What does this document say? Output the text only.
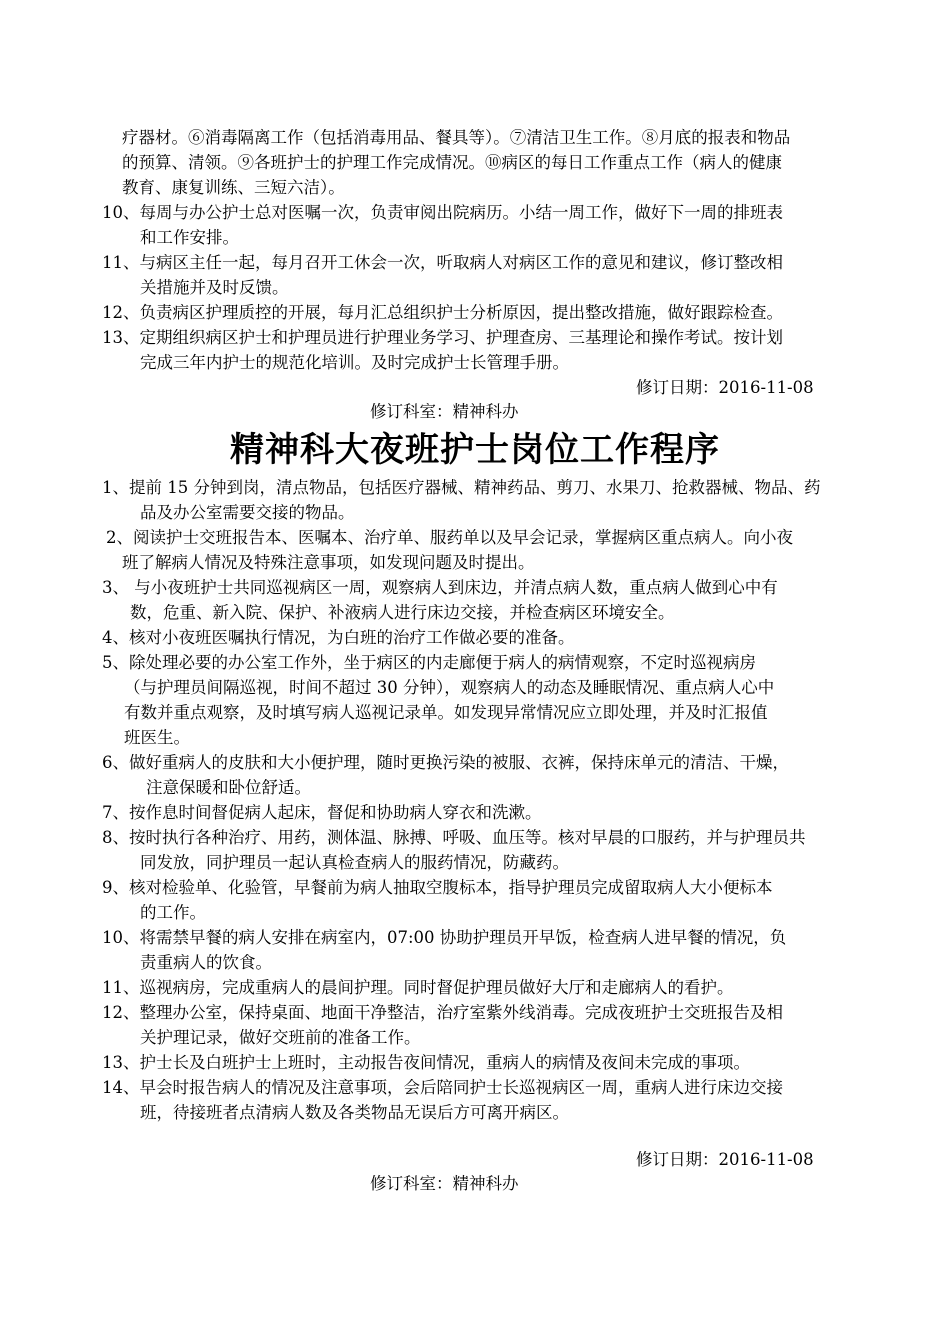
疗器材。⑥消毒隔离工作（包括消毒用品、餐具等）。⑦清洁卫生工作。⑧月底的报表和物品
的预算、清领。⑨各班护士的护理工作完成情况。⑩病区的每日工作重点工作（病人的健康
教育、康复训练、三短六洁）。
10、每周与办公护士总对医嘱一次，负责审阅出院病历。小结一周工作，做好下一周的排班表
和工作安排。
11、与病区主任一起，每月召开工休会一次，听取病人对病区工作的意见和建议，修订整改相
关措施并及时反馈。
12、负责病区护理质控的开展，每月汇总组织护士分析原因，提出整改措施，做好跟踪检查。
13、定期组织病区护士和护理员进行护理业务学习、护理查房、三基理论和操作考试。按计划
完成三年内护士的规范化培训。及时完成护士长管理手册。
修订日期：2016-11-08
修订科室：精神科办
精神科大夜班护士岗位工作程序
1、提前 15 分钟到岗，清点物品，包括医疗器械、精神药品、剪刀、水果刀、抢救器械、物品、药
品及办公室需要交接的物品。
2、阅读护士交班报告本、医嘱本、治疗单、服药单以及早会记录，掌握病区重点病人。向小夜
班了解病人情况及特殊注意事项，如发现问题及时提出。
3、 与小夜班护士共同巡视病区一周，观察病人到床边，并清点病人数，重点病人做到心中有
数，危重、新入院、保护、补液病人进行床边交接，并检查病区环境安全。
4、核对小夜班医嘱执行情况，为白班的治疗工作做必要的准备。
5、除处理必要的办公室工作外，坐于病区的内走廊便于病人的病情观察，不定时巡视病房
（与护理员间隔巡视，时间不超过 30 分钟），观察病人的动态及睡眠情况、重点病人心中
有数并重点观察，及时填写病人巡视记录单。如发现异常情况应立即处理，并及时汇报值
班医生。
6、做好重病人的皮肤和大小便护理，随时更换污染的被服、衣裤，保持床单元的清洁、干燥，
注意保暖和卧位舒适。
7、按作息时间督促病人起床，督促和协助病人穿衣和洗漱。
8、按时执行各种治疗、用药，测体温、脉搏、呼吸、血压等。核对早晨的口服药，并与护理员共
同发放，同护理员一起认真检查病人的服药情况，防藏药。
9、核对检验单、化验管，早餐前为病人抽取空腹标本，指导护理员完成留取病人大小便标本
的工作。
10、将需禁早餐的病人安排在病室内，07:00 协助护理员开早饭，检查病人进早餐的情况，负
责重病人的饮食。
11、巡视病房，完成重病人的晨间护理。同时督促护理员做好大厅和走廊病人的看护。
12、整理办公室，保持桌面、地面干净整洁，治疗室紫外线消毒。完成夜班护士交班报告及相
关护理记录，做好交班前的准备工作。
13、护士长及白班护士上班时，主动报告夜间情况，重病人的病情及夜间未完成的事项。
14、早会时报告病人的情况及注意事项，会后陪同护士长巡视病区一周，重病人进行床边交接
班，待接班者点清病人数及各类物品无误后方可离开病区。
修订日期：2016-11-08
修订科室：精神科办
